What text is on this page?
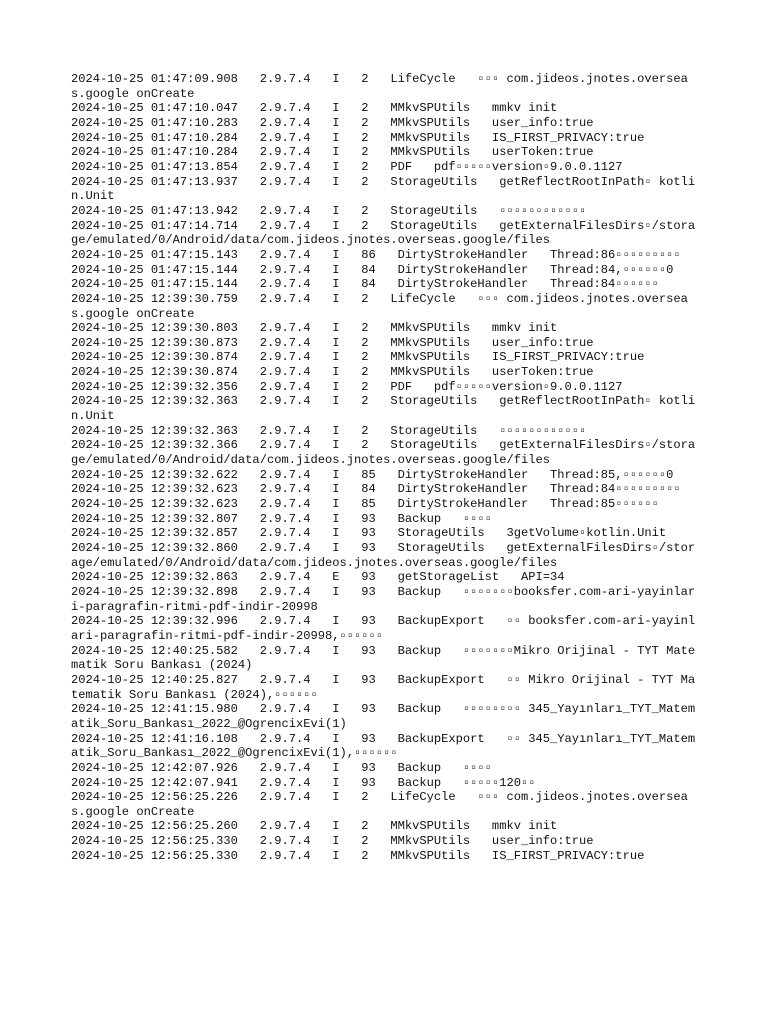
2024-10-25 01:47:09.908   2.9.7.4   I   2   LifeCycle   ▫▫▫ com.jideos.jnotes.overseas.google onCreate
2024-10-25 01:47:10.047   2.9.7.4   I   2   MMkvSPUtils   mmkv init
2024-10-25 01:47:10.283   2.9.7.4   I   2   MMkvSPUtils   user_info:true
2024-10-25 01:47:10.284   2.9.7.4   I   2   MMkvSPUtils   IS_FIRST_PRIVACY:true
2024-10-25 01:47:10.284   2.9.7.4   I   2   MMkvSPUtils   userToken:true
2024-10-25 01:47:13.854   2.9.7.4   I   2   PDF   pdf▫▫▫▫▫version▫9.0.0.1127
2024-10-25 01:47:13.937   2.9.7.4   I   2   StorageUtils   getReflectRootInPath▫ kotlin.Unit
2024-10-25 01:47:13.942   2.9.7.4   I   2   StorageUtils   ▫▫▫▫▫▫▫▫▫▫▫▫
2024-10-25 01:47:14.714   2.9.7.4   I   2   StorageUtils   getExternalFilesDirs▫/storage/emulated/0/Android/data/com.jideos.jnotes.overseas.google/files
2024-10-25 01:47:15.143   2.9.7.4   I   86   DirtyStrokeHandler   Thread:86▫▫▫▫▫▫▫▫▫
2024-10-25 01:47:15.144   2.9.7.4   I   84   DirtyStrokeHandler   Thread:84,▫▫▫▫▫▫0
2024-10-25 01:47:15.144   2.9.7.4   I   84   DirtyStrokeHandler   Thread:84▫▫▫▫▫▫
2024-10-25 12:39:30.759   2.9.7.4   I   2   LifeCycle   ▫▫▫ com.jideos.jnotes.overseas.google onCreate
2024-10-25 12:39:30.803   2.9.7.4   I   2   MMkvSPUtils   mmkv init
2024-10-25 12:39:30.873   2.9.7.4   I   2   MMkvSPUtils   user_info:true
2024-10-25 12:39:30.874   2.9.7.4   I   2   MMkvSPUtils   IS_FIRST_PRIVACY:true
2024-10-25 12:39:30.874   2.9.7.4   I   2   MMkvSPUtils   userToken:true
2024-10-25 12:39:32.356   2.9.7.4   I   2   PDF   pdf▫▫▫▫▫version▫9.0.0.1127
2024-10-25 12:39:32.363   2.9.7.4   I   2   StorageUtils   getReflectRootInPath▫ kotlin.Unit
2024-10-25 12:39:32.363   2.9.7.4   I   2   StorageUtils   ▫▫▫▫▫▫▫▫▫▫▫▫
2024-10-25 12:39:32.366   2.9.7.4   I   2   StorageUtils   getExternalFilesDirs▫/storage/emulated/0/Android/data/com.jideos.jnotes.overseas.google/files
2024-10-25 12:39:32.622   2.9.7.4   I   85   DirtyStrokeHandler   Thread:85,▫▫▫▫▫▫0
2024-10-25 12:39:32.623   2.9.7.4   I   84   DirtyStrokeHandler   Thread:84▫▫▫▫▫▫▫▫▫
2024-10-25 12:39:32.623   2.9.7.4   I   85   DirtyStrokeHandler   Thread:85▫▫▫▫▫▫
2024-10-25 12:39:32.807   2.9.7.4   I   93   Backup   ▫▫▫▫
2024-10-25 12:39:32.857   2.9.7.4   I   93   StorageUtils   3getVolume▫kotlin.Unit
2024-10-25 12:39:32.860   2.9.7.4   I   93   StorageUtils   getExternalFilesDirs▫/storage/emulated/0/Android/data/com.jideos.jnotes.overseas.google/files
2024-10-25 12:39:32.863   2.9.7.4   E   93   getStorageList   API=34
2024-10-25 12:39:32.898   2.9.7.4   I   93   Backup   ▫▫▫▫▫▫▫booksfer.com-ari-yayinlari-paragrafin-ritmi-pdf-indir-20998
2024-10-25 12:39:32.996   2.9.7.4   I   93   BackupExport   ▫▫ booksfer.com-ari-yayinlari-paragrafin-ritmi-pdf-indir-20998,▫▫▫▫▫▫
2024-10-25 12:40:25.582   2.9.7.4   I   93   Backup   ▫▫▫▫▫▫▫Mikro Orijinal - TYT Matematik Soru Bankası (2024)
2024-10-25 12:40:25.827   2.9.7.4   I   93   BackupExport   ▫▫ Mikro Orijinal - TYT Matematik Soru Bankası (2024),▫▫▫▫▫▫
2024-10-25 12:41:15.980   2.9.7.4   I   93   Backup   ▫▫▫▫▫▫▫▫ 345_Yayınları_TYT_Matematik_Soru_Bankası_2022_@OgrencixEvi(1)
2024-10-25 12:41:16.108   2.9.7.4   I   93   BackupExport   ▫▫ 345_Yayınları_TYT_Matematik_Soru_Bankası_2022_@OgrencixEvi(1),▫▫▫▫▫▫
2024-10-25 12:42:07.926   2.9.7.4   I   93   Backup   ▫▫▫▫
2024-10-25 12:42:07.941   2.9.7.4   I   93   Backup   ▫▫▫▫▫120▫▫
2024-10-25 12:56:25.226   2.9.7.4   I   2   LifeCycle   ▫▫▫ com.jideos.jnotes.overseas.google onCreate
2024-10-25 12:56:25.260   2.9.7.4   I   2   MMkvSPUtils   mmkv init
2024-10-25 12:56:25.330   2.9.7.4   I   2   MMkvSPUtils   user_info:true
2024-10-25 12:56:25.330   2.9.7.4   I   2   MMkvSPUtils   IS_FIRST_PRIVACY:true
